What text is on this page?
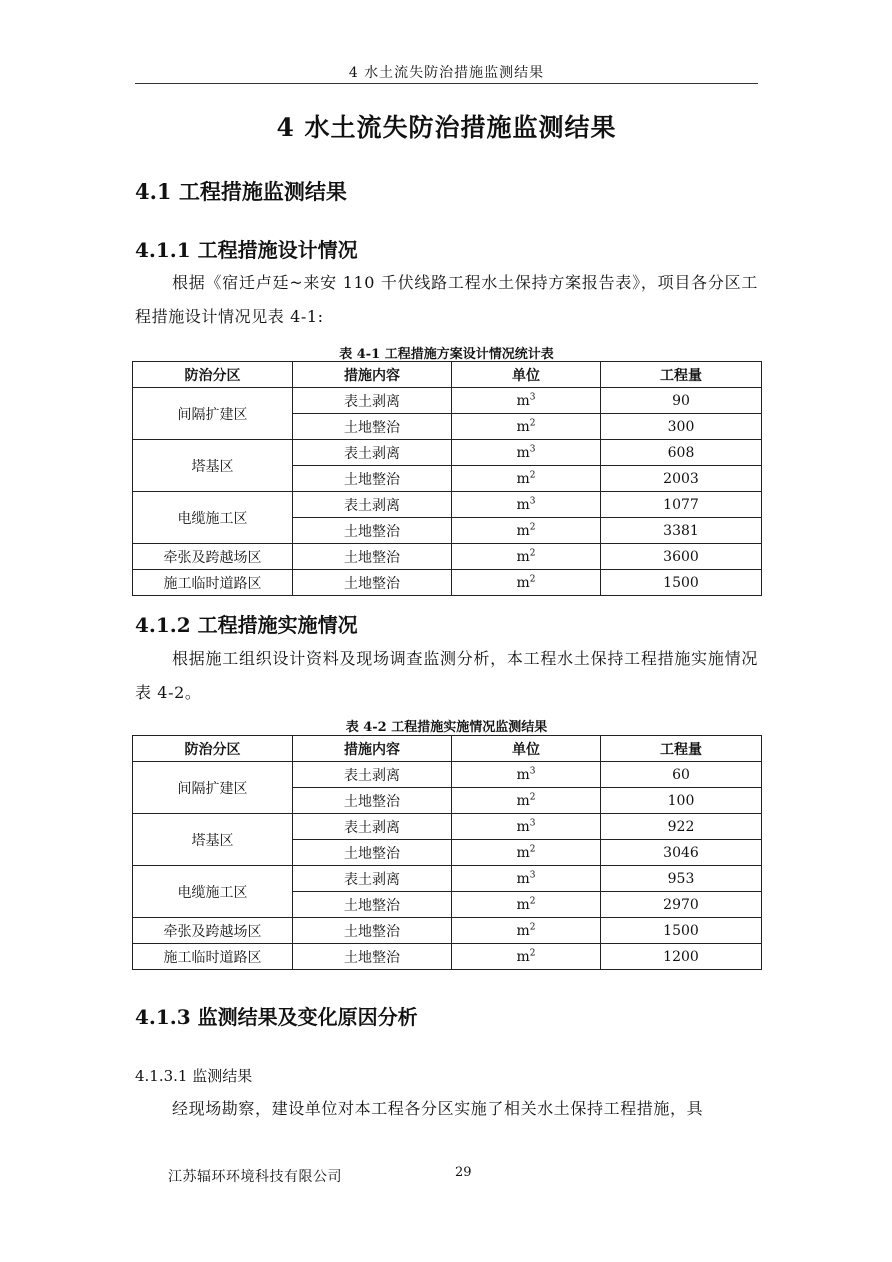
4 水土流失防治措施监测结果
4 水土流失防治措施监测结果
4.1 工程措施监测结果
4.1.1 工程措施设计情况
根据《宿迁卢廷~来安 110 千伏线路工程水土保持方案报告表》，项目各分区工程措施设计情况见表 4-1:
表 4-1 工程措施方案设计情况统计表
防治分区	措施内容	单位	工程量
间隔扩建区	表土剥离	$m^3$	90
	土地整治	$m^2$	300
塔基区	表土剥离	$m^3$	608
	土地整治	$m^2$	2003
电缆施工区	表土剥离	$m^3$	1077
	土地整治	$m^2$	3381
牵张及跨越场区	土地整治	$m^2$	3600
施工临时道路区	土地整治	$m^2$	1500
4.1.2 工程措施实施情况
根据施工组织设计资料及现场调查监测分析，本工程水土保持工程措施实施情况表 4-2。
表 4-2 工程措施实施情况监测结果
防治分区	措施内容	单位	工程量
间隔扩建区	表土剥离	$m^3$	60
	土地整治	$m^2$	100
塔基区	表土剥离	$m^3$	922
	土地整治	$m^2$	3046
电缆施工区	表土剥离	$m^3$	953
	土地整治	$m^2$	2970
牵张及跨越场区	土地整治	$m^2$	1500
施工临时道路区	土地整治	$m^2$	1200
4.1.3 监测结果及变化原因分析
4.1.3.1 监测结果
经现场勘察，建设单位对本工程各分区实施了相关水土保持工程措施，具
江苏辐环环境科技有限公司	29
